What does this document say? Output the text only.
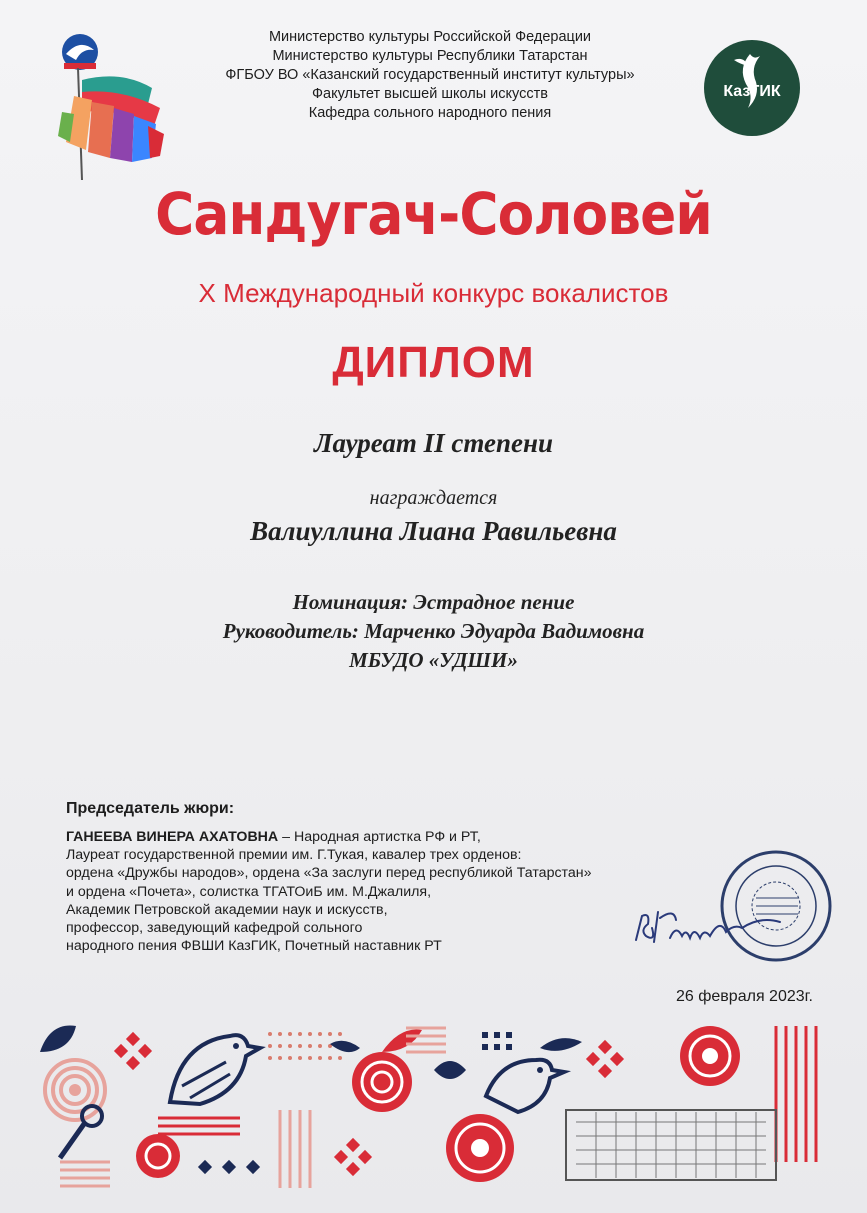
Министерство культуры Российской Федерации
Министерство культуры Республики Татарстан
ФГБОУ ВО «Казанский государственный институт культуры»
Факультет высшей школы искусств
Кафедра сольного народного пения
КазГИК
Сандугач-Соловей
X Международный конкурс вокалистов
ДИПЛОМ
Лауреат II степени
награждается
Валиуллина Лиана Равильевна
Номинация: Эстрадное пение
Руководитель: Марченко Эдуарда Вадимовна
МБУДО «УДШИ»
Председатель жюри:
ГАНЕЕВА ВИНЕРА АХАТОВНА – Народная артистка РФ и РТ,
Лауреат государственной премии им. Г.Тукая, кавалер трех орденов:
ордена «Дружбы народов», ордена «За заслуги перед республикой Татарстан»
и ордена «Почета», солистка ТГАТОиБ им. М.Джалиля,
Академик Петровской академии наук и искусств,
профессор, заведующий кафедрой сольного
народного пения ФВШИ КазГИК, Почетный наставник РТ
26 февраля 2023г.
